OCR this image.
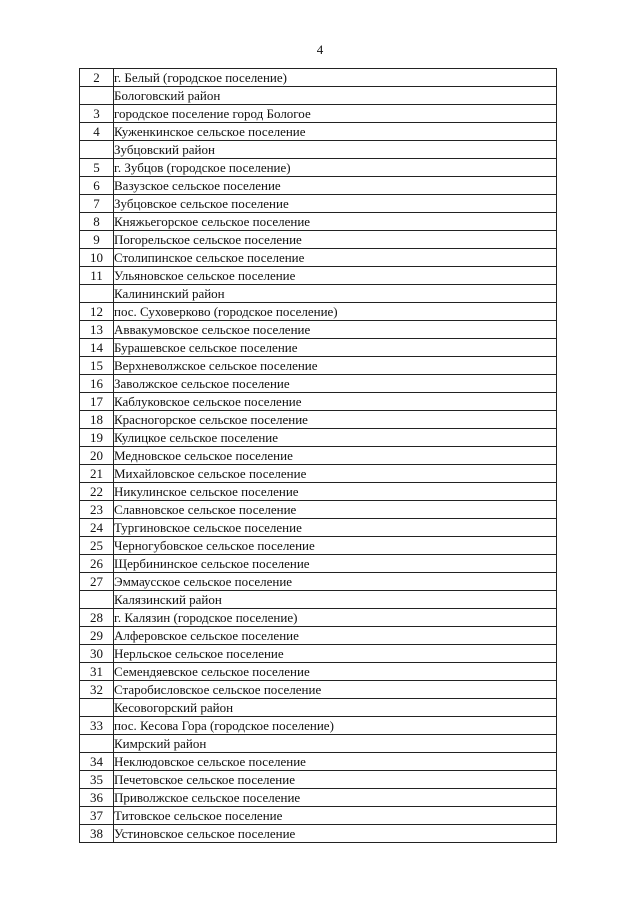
4
2	г. Белый (городское поселение)
	Бологовский район
3	городское поселение город Бологое
4	Куженкинское сельское поселение
	Зубцовский район
5	г. Зубцов (городское поселение)
6	Вазузское сельское поселение
7	Зубцовское сельское поселение
8	Княжьегорское сельское поселение
9	Погорельское сельское поселение
10	Столипинское сельское поселение
11	Ульяновское сельское поселение
	Калининский район
12	пос. Суховерково (городское поселение)
13	Аввакумовское сельское поселение
14	Бурашевское сельское поселение
15	Верхневолжское сельское поселение
16	Заволжское сельское поселение
17	Каблуковское сельское поселение
18	Красногорское сельское поселение
19	Кулицкое сельское поселение
20	Медновское сельское поселение
21	Михайловское сельское поселение
22	Никулинское сельское поселение
23	Славновское сельское поселение
24	Тургиновское сельское поселение
25	Черногубовское сельское поселение
26	Щербининское сельское поселение
27	Эммаусское сельское поселение
	Калязинский район
28	г. Калязин (городское поселение)
29	Алферовское сельское поселение
30	Нерльское сельское поселение
31	Семендяевское сельское поселение
32	Старобисловское сельское поселение
	Кесовогорский район
33	пос. Кесова Гора (городское поселение)
	Кимрский район
34	Неклюдовское сельское поселение
35	Печетовское сельское поселение
36	Приволжское сельское поселение
37	Титовское сельское поселение
38	Устиновское сельское поселение
